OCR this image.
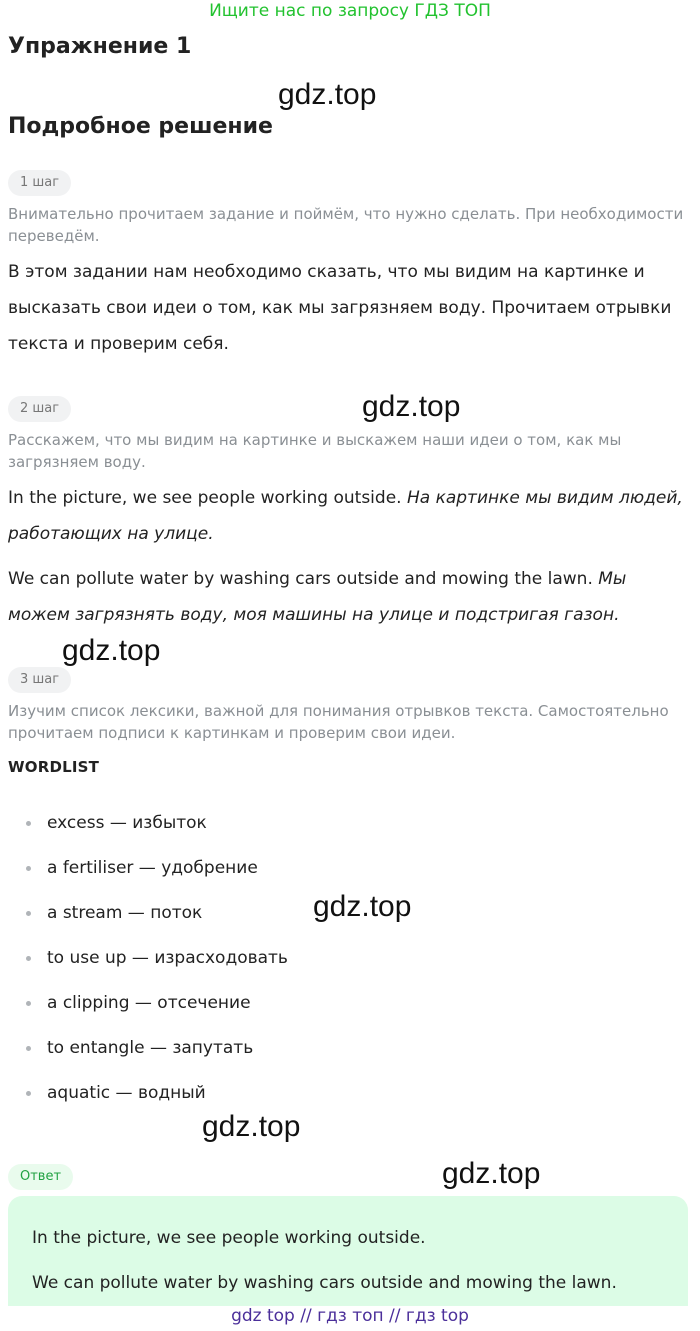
Ищите нас по запросу ГДЗ ТОП
Упражнение 1
gdz.top
Подробное решение
1 шаг
Внимательно прочитаем задание и поймём, что нужно сделать. При необходимости переведём.
В этом задании нам необходимо сказать, что мы видим на картинке и высказать свои идеи о том, как мы загрязняем воду. Прочитаем отрывки текста и проверим себя.
2 шаг	gdz.top
Расскажем, что мы видим на картинке и выскажем наши идеи о том, как мы загрязняем воду.
In the picture, we see people working outside. На картинке мы видим людей, работающих на улице.
We can pollute water by washing cars outside and mowing the lawn. Мы можем загрязнять воду, моя машины на улице и подстригая газон.
gdz.top
3 шаг
Изучим список лексики, важной для понимания отрывков текста. Самостоятельно прочитаем подписи к картинкам и проверим свои идеи.
WORDLIST
excess — избыток
a fertiliser — удобрение
a stream — поток	gdz.top
to use up — израсходовать
a clipping — отсечение
to entangle — запутать
aquatic — водный
gdz.top
Ответ	gdz.top
In the picture, we see people working outside.
We can pollute water by washing cars outside and mowing the lawn.
gdz top // гдз топ // гдз top
